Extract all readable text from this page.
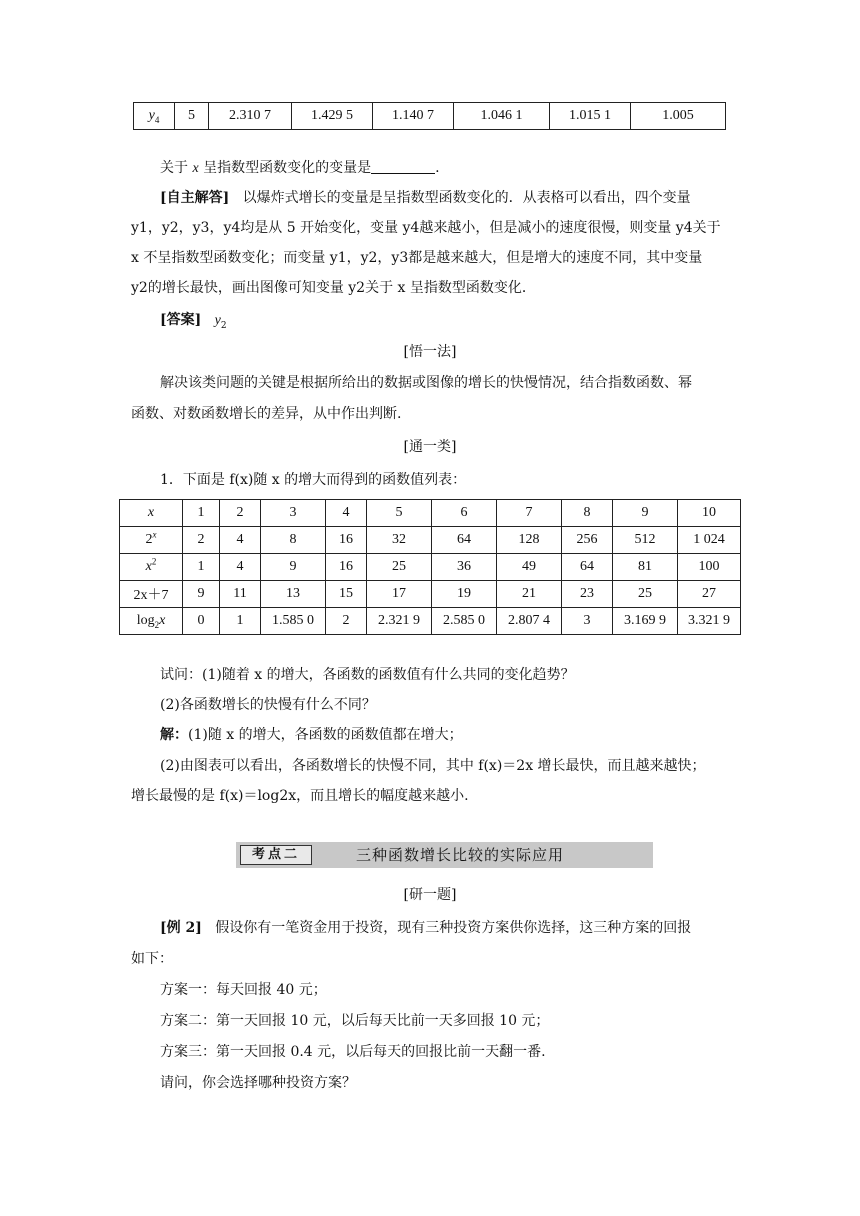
$y_4$	5	2.310 7	1.429 5	1.140 7	1.046 1	1.015 1	1.005
关于 x 呈指数型函数变化的变量是	.
[自主解答] 以爆炸式增长的变量是呈指数型函数变化的．从表格可以看出，四个变量
y1，y2，y3，y4均是从 5 开始变化，变量 y4越来越小，但是减小的速度很慢，则变量 y4关于
x 不呈指数型函数变化；而变量 y1，y2，y3都是越来越大，但是增大的速度不同，其中变量
y2的增长最快，画出图像可知变量 y2关于 x 呈指数型函数变化．
[答案] $y_2$
[悟一法]
解决该类问题的关键是根据所给出的数据或图像的增长的快慢情况，结合指数函数、幂
函数、对数函数增长的差异，从中作出判断.
[通一类]
1．下面是 f(x)随 x 的增大而得到的函数值列表：
x	1	2	3	4	5	6	7	8	9	10
2$^x$	2	4	8	16	32	64	128	256	512	1 024
$x^2$	1	4	9	16	25	36	49	64	81	100
2x＋7	9	11	13	15	17	19	21	23	25	27
$\log_2x$	0	1	1.585 0	2	2.321 9	2.585 0	2.807 4	3	3.169 9	3.321 9
试问：(1)随着 x 的增大，各函数的函数值有什么共同的变化趋势？
(2)各函数增长的快慢有什么不同？
解：(1)随 x 的增大，各函数的函数值都在增大；
(2)由图表可以看出，各函数增长的快慢不同，其中 f(x)＝2x 增长最快，而且越来越快；
增长最慢的是 f(x)＝log2x，而且增长的幅度越来越小.
考点二	三种函数增长比较的实际应用
[研一题]
[例 2] 假设你有一笔资金用于投资，现有三种投资方案供你选择，这三种方案的回报
如下：
方案一：每天回报 40 元；
方案二：第一天回报 10 元，以后每天比前一天多回报 10 元；
方案三：第一天回报 0.4 元，以后每天的回报比前一天翻一番.
请问，你会选择哪种投资方案？
